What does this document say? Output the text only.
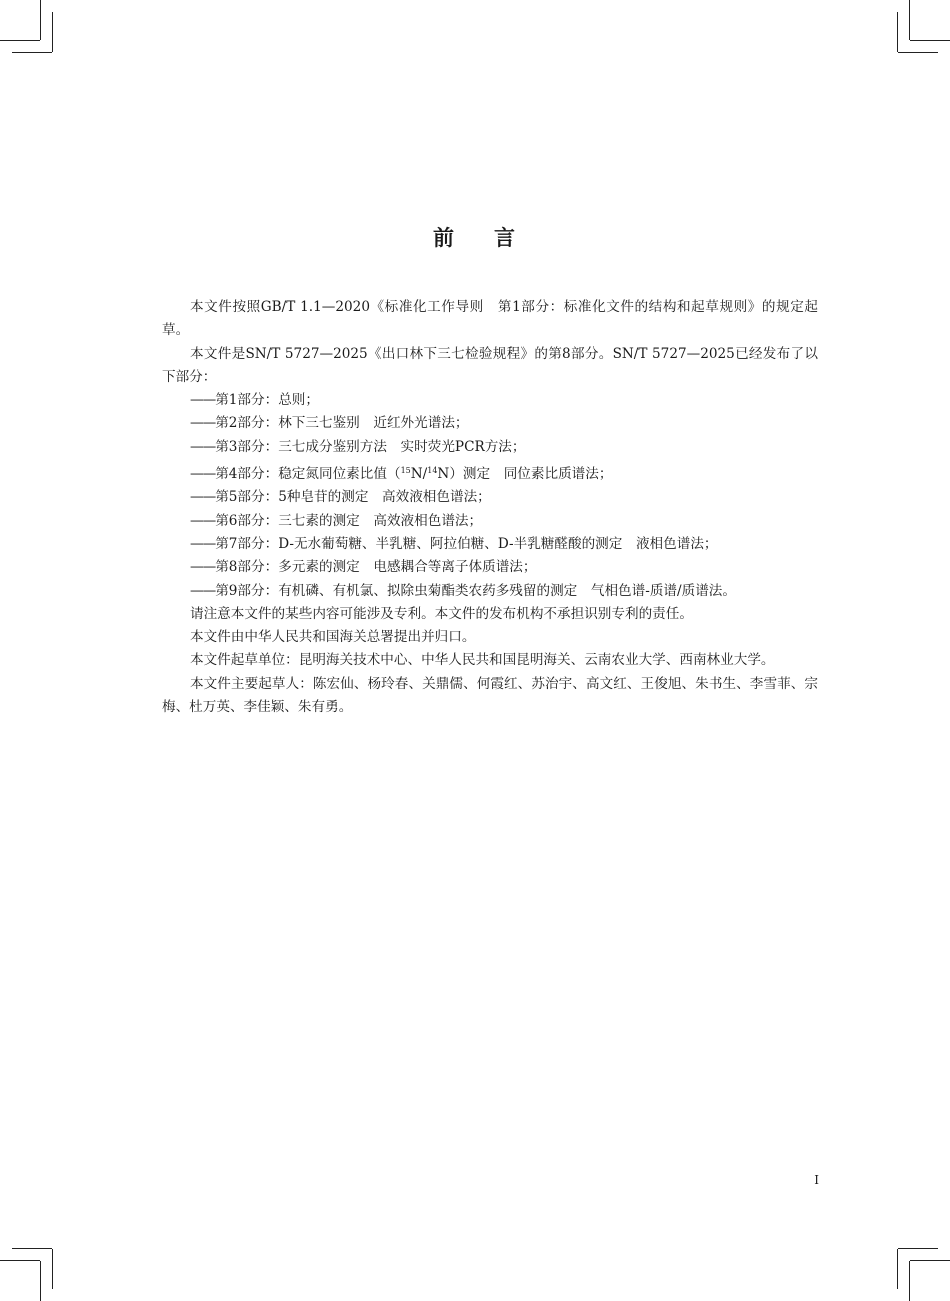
前 言

本文件按照GB/T 1.1—2020《标准化工作导则　第1部分：标准化文件的结构和起草规则》的规定起草。

本文件是SN/T 5727—2025《出口林下三七检验规程》的第8部分。SN/T 5727—2025已经发布了以下部分：

——第1部分：总则；

——第2部分：林下三七鉴别　近红外光谱法；

——第3部分：三七成分鉴别方法　实时荧光PCR方法；

——第4部分：稳定氮同位素比值（$^{15}$N/$^{14}$N）测定　同位素比质谱法；

——第5部分：5种皂苷的测定　高效液相色谱法；

——第6部分：三七素的测定　高效液相色谱法；

——第7部分：D-无水葡萄糖、半乳糖、阿拉伯糖、D-半乳糖醛酸的测定　液相色谱法；

——第8部分：多元素的测定　电感耦合等离子体质谱法；

——第9部分：有机磷、有机氯、拟除虫菊酯类农药多残留的测定　气相色谱-质谱/质谱法。

请注意本文件的某些内容可能涉及专利。本文件的发布机构不承担识别专利的责任。

本文件由中华人民共和国海关总署提出并归口。

本文件起草单位：昆明海关技术中心、中华人民共和国昆明海关、云南农业大学、西南林业大学。

本文件主要起草人：陈宏仙、杨玲春、关鼎儒、何霞红、苏治宇、高文红、王俊旭、朱书生、李雪菲、宗梅、杜万英、李佳颖、朱有勇。

I
